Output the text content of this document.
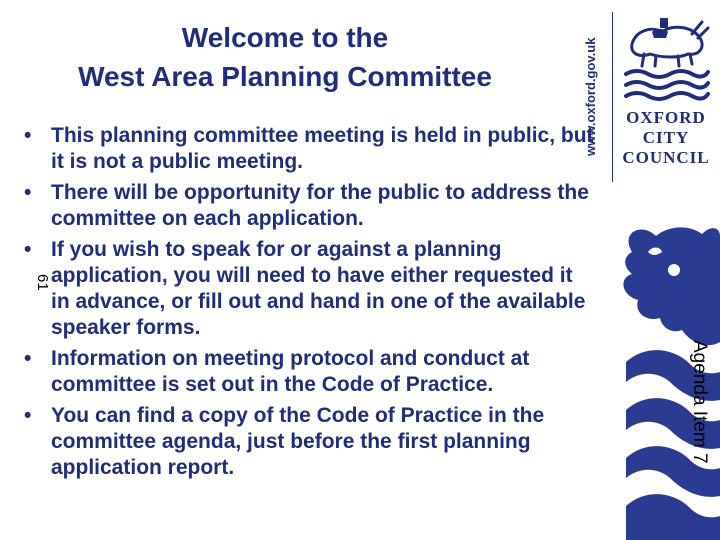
Welcome to the
West Area Planning Committee
• This planning committee meeting is held in public, but it is not a public meeting.
• There will be opportunity for the public to address the committee on each application.
• If you wish to speak for or against a planning application, you will need to have either requested it in advance, or fill out and hand in one of the available speaker forms.
• Information on meeting protocol and conduct at committee is set out in the Code of Practice.
• You can find a copy of the Code of Practice in the committee agenda, just before the first planning application report.
www.oxford.gov.uk	OXFORD
CITY
COUNCIL
Agenda Item 7
61
